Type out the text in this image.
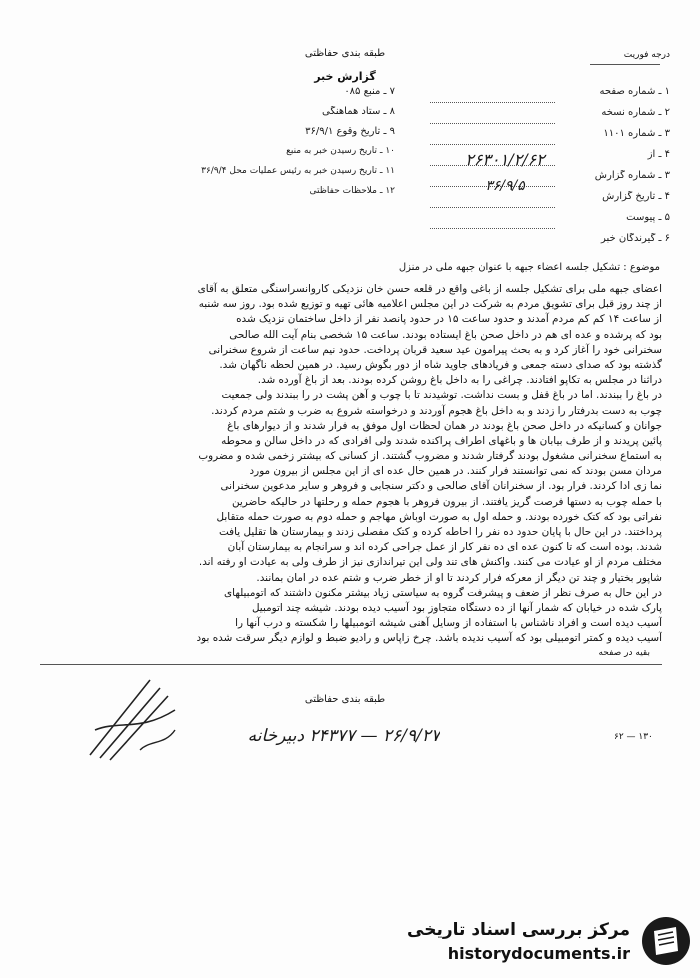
طبقه بندی حفاظتی
گزارش خبر
درجه فوریت
۷ ـ منبع ۰۸۵
۸ ـ ستاد هماهنگی
۹ ـ تاریخ وقوع ۳۶/۹/۱
۱۰ ـ تاریخ رسیدن خبر به منبع
۱۱ ـ تاریخ رسیدن خبر به رئیس عملیات محل ۳۶/۹/۴
۱۲ ـ ملاحظات حفاظتی
۱ ـ شماره صفحه
۲ ـ شماره نسخه
۳ ـ شماره ۱۱۰۱
۴ ـ از
۳ ـ شماره گزارش
۴ ـ تاریخ گزارش
۵ ـ پیوست
۶ ـ گیرندگان خبر
۲۶۳۰۱/۲/۶۲
۳۶/۹/۵
موضوع : تشکیل جلسه اعضاء جبهه با عنوان جبهه ملی در منزل

اعضای جبهه ملی برای تشکیل جلسه از باغی واقع در قلعه حسن خان نزدیکی کاروانسراسنگی متعلق به آقای

از چند روز قبل برای تشویق مردم به شرکت در این مجلس اعلامیه هائی تهیه و توزیع شده بود. روز سه شنبه

از ساعت ۱۴ کم کم مردم آمدند و حدود ساعت ۱۵ در حدود پانصد نفر از داخل ساختمان نزدیک شده

بود که پرشده و عده ای هم در داخل صحن باغ ایستاده بودند. ساعت ۱۵ شخصی بنام آیت الله صالحی

سخنرانی خود را آغاز کرد و به بحث پیرامون عید سعید قربان پرداخت. حدود نیم ساعت از شروع سخنرانی

گذشته بود که صدای دسته جمعی و فریادهای جاوید شاه از دور بگوش رسید. در همین لحظه ناگهان شد.

دراثنا در مجلس به تکاپو افتادند. چراغی را به داخل باغ روشن کرده بودند. بعد از باغ آورده شد.

در باغ را ببندند. اما در باغ قفل و بست نداشت. توشیدند تا با چوب و آهن پشت در را ببندند ولی جمعیت

چوب به دست بدرفتار را زدند و به داخل باغ هجوم آوردند و درخواسته شروع به ضرب و شتم مردم کردند.

جوانان و کسانیکه در داخل صحن باغ بودند در همان لحظات اول موفق به فرار شدند و از دیوارهای باغ

پائین پریدند و از طرف بیابان ها و باغهای اطراف پراکنده شدند ولی افرادی که در داخل سالن و محوطه

به استماع سخنرانی مشغول بودند گرفتار شدند و مضروب گشتند. از کسانی که بیشتر زخمی شده و مضروب

مردان مسن بودند که نمی توانستند فرار کنند. در همین حال عده ای از این مجلس از بیرون مورد

نما زی ادا کردند. فرار بود. از سخنرانان آقای صالحی و دکتر سنجابی و فروهر و سایر مدعوین سخنرانی

با حمله چوب به دستها فرصت گریز یافتند. از بیرون فروهر با هجوم حمله و رحلتها در حالیکه حاضرین

نفراتی بود که کتک خورده بودند. و حمله اول به صورت اوباش مهاجم و حمله دوم به صورت حمله متقابل

پرداختند. در این حال با پایان حدود ده نفر را احاطه کرده و کتک مفصلی زدند و بیمارستان ها تقلیل یافت

شدند. بوده است که تا کنون عده ای ده نفر کار از عمل جراحی کرده اند و سرانجام به بیمارستان آبان

مختلف مردم از او عیادت می کنند. واکنش های تند ولی این تیراندازی نیز از طرف ولی به عیادت او رفته اند.

شاپور بختیار و چند تن دیگر از معرکه فرار کردند تا او از خطر ضرب و شتم عده در امان بمانند.

در این حال به صرف نظر از ضعف و پیشرفت گروه به سیاستی زیاد بیشتر مکنون داشتند که اتومبیلهای

پارک شده در خیابان که شمار آنها از ده دستگاه متجاوز بود آسیب دیده بودند. شیشه چند اتومبیل

آسیب دیده است و افراد ناشناس با استفاده از وسایل آهنی شیشه اتومبیلها را شکسته و درب آنها را

آسیب دیده و کمتر اتومبیلی بود که آسیب ندیده باشد. چرخ زاپاس و رادیو ضبط و لوازم دیگر سرقت شده بود

بقیه در صفحه
طبقه بندی حفاظتی
۲۶/۹/۲۷ — ۲۴۳۷۷ دبیرخانه	۶۲ — ۱۳۰
مرکز بررسی اسناد تاریخی
historydocuments.ir
